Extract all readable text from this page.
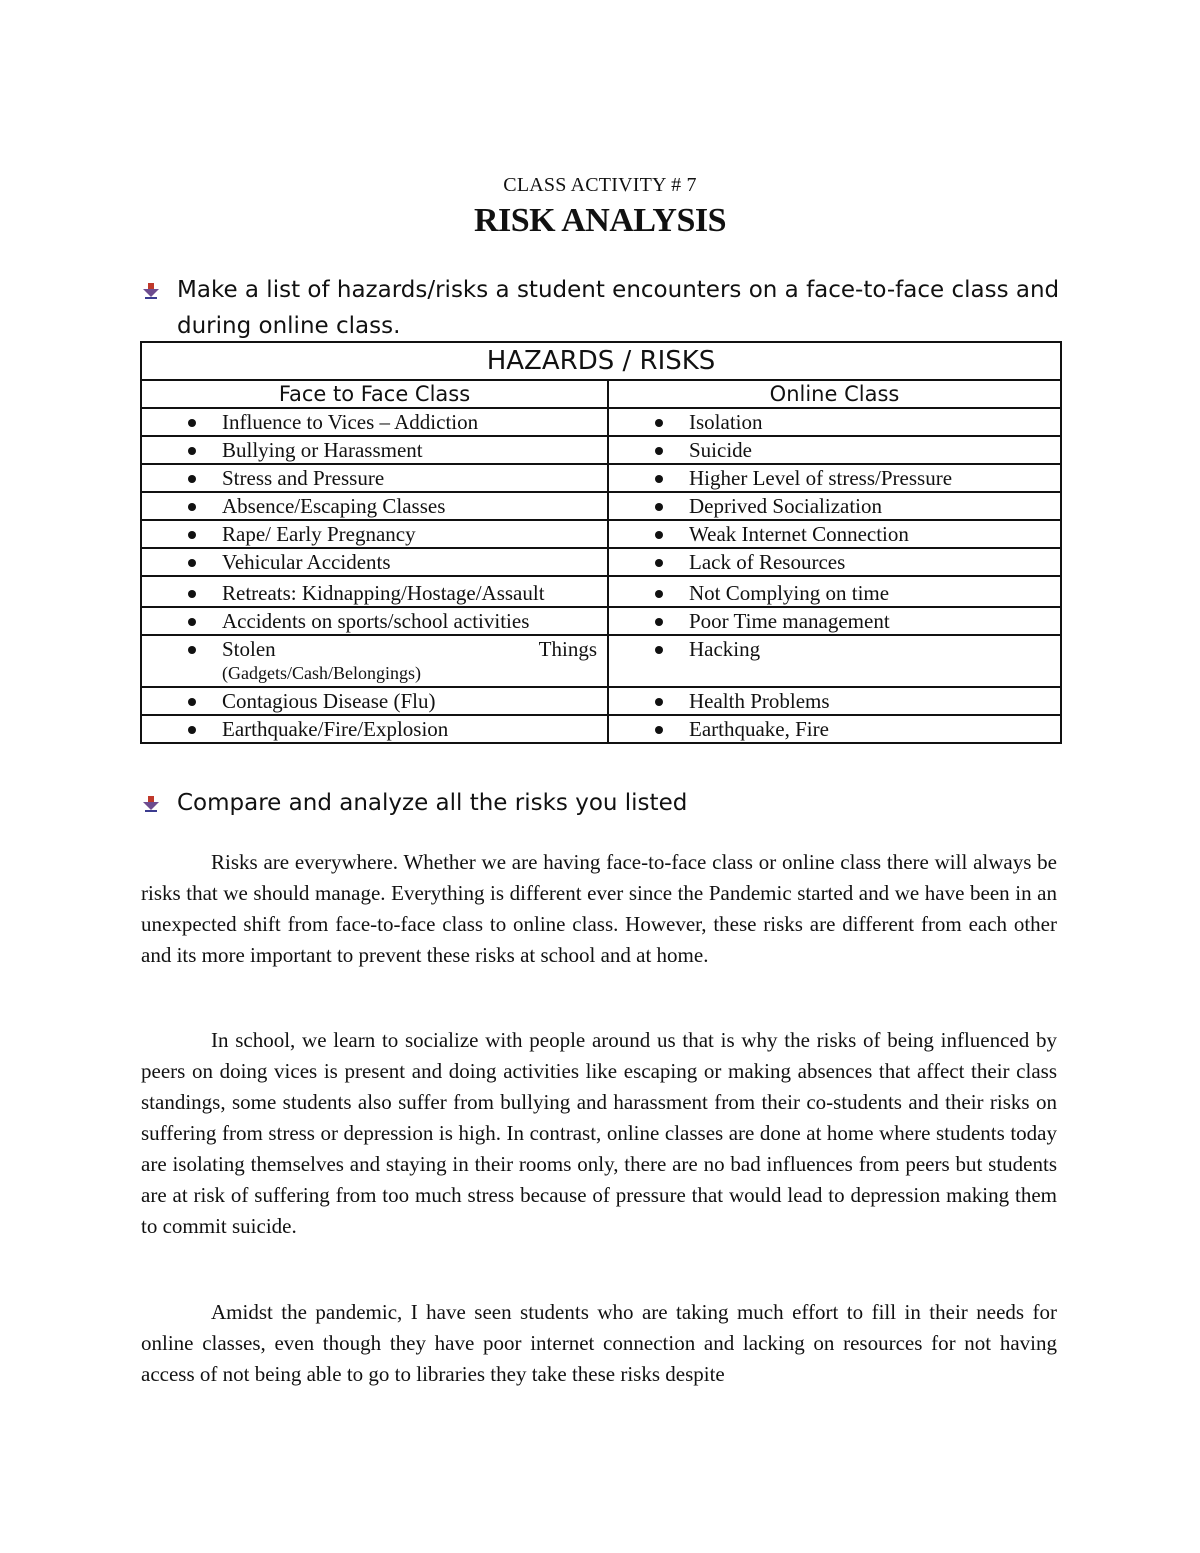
CLASS ACTIVITY # 7
RISK ANALYSIS
Make a list of hazards/risks a student encounters on a face-to-face class and during online class.
HAZARDS / RISKS	
Face to Face Class	Online Class

Influence to Vices – Addiction	Isolation

Bullying or Harassment	Suicide

Stress and Pressure	Higher Level of stress/Pressure

Absence/Escaping Classes	Deprived Socialization

Rape/ Early Pregnancy	Weak Internet Connection

Vehicular Accidents	Lack of Resources

Retreats: Kidnapping/Hostage/Assault	Not Complying on time

Accidents on sports/school activities	Poor Time management

Stolen Things
(Gadgets/Cash/Belongings)	Hacking

Contagious Disease (Flu)	Health Problems

Earthquake/Fire/Explosion	Earthquake, Fire
Compare and analyze all the risks you listed

Risks are everywhere. Whether we are having face-to-face class or online class there will always be risks that we should manage. Everything is different ever since the Pandemic started and we have been in an unexpected shift from face-to-face class to online class. However, these risks are different from each other and its more important to prevent these risks at school and at home.

In school, we learn to socialize with people around us that is why the risks of being influenced by peers on doing vices is present and doing activities like escaping or making absences that affect their class standings, some students also suffer from bullying and harassment from their co-students and their risks on suffering from stress or depression is high. In contrast, online classes are done at home where students today are isolating themselves and staying in their rooms only, there are no bad influences from peers but students are at risk of suffering from too much stress because of pressure that would lead to depression making them to commit suicide.

Amidst the pandemic, I have seen students who are taking much effort to fill in their needs for online classes, even though they have poor internet connection and lacking on resources for not having access of not being able to go to libraries they take these risks despite
